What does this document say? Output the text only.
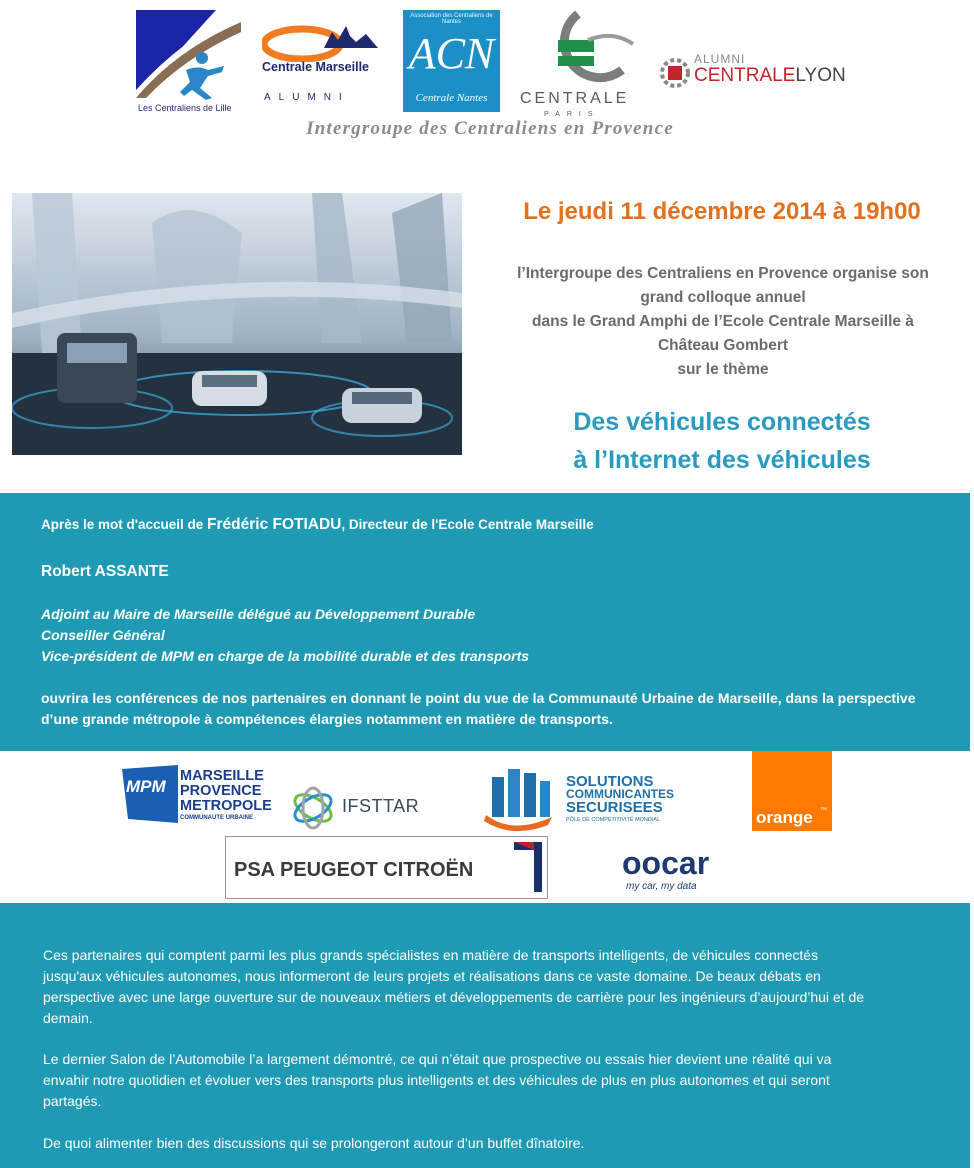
Les Centraliens de Lille
Centrale Marseille
ALUMNI
Association des Centraliens de Nantes
ACN
Centrale Nantes	CENTRALE
PARIS
ALUMNI
CENTRALELYON
Intergroupe des Centraliens en Provence
Le jeudi 11 décembre 2014 à 19h00
l’Intergroupe des Centraliens en Provence organise son
grand colloque annuel
dans le Grand Amphi de l’Ecole Centrale Marseille à
Château Gombert
sur le thème
Des véhicules connectés
à l’Internet des véhicules
Après le mot d'accueil de Frédéric FOTIADU, Directeur de l'Ecole Centrale Marseille
Robert ASSANTE
Adjoint au Maire de Marseille délégué au Développement Durable
Conseiller Général
Vice-président de MPM en charge de la mobilité durable et des transports
ouvrira les conférences de nos partenaires en donnant le point du vue de la Communauté Urbaine de Marseille, dans la perspective
d’une grande métropole à compétences élargies notamment en matière de transports.
MPM
MARSEILLE
PROVENCE
METROPOLE
COMMUNAUTE URBAINE
IFSTTAR
SOLUTIONS
COMMUNICANTES
SECURISEES
PÔLE DE COMPÉTITIVITÉ MONDIAL	orange ™
PSA PEUGEOT CITROËN	oocar
my car, my data
Ces partenaires qui comptent parmi les plus grands spécialistes en matière de transports intelligents, de véhicules connectés
jusqu'aux véhicules autonomes, nous informeront de leurs projets et réalisations dans ce vaste domaine. De beaux débats en
perspective avec une large ouverture sur de nouveaux métiers et développements de carrière pour les ingénieurs d’aujourd’hui et de
demain.
Le dernier Salon de l’Automobile l’a largement démontré, ce qui n’était que prospective ou essais hier devient une réalité qui va
envahir notre quotidien et évoluer vers des transports plus intelligents et des véhicules de plus en plus autonomes et qui seront
partagés.
De quoi alimenter bien des discussions qui se prolongeront autour d’un buffet dînatoire.
